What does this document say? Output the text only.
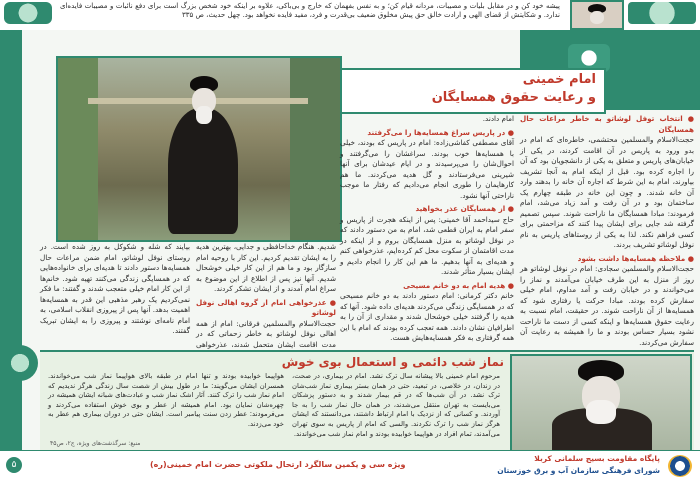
پیشه خود کن و در مقابل بلیات و مصیبات، مردانه قیام کن؛ و به نفس بفهمان که خارج و بی‌باکی، علاوه بر اینکه خود شخص بزرگ است برای دفع نائبات و مصیبات فایده‌ای ندارد. و شکایتش از قضای الهی و ارادت خالق حق پیش مخلوق ضعیف بی‌قدرت و فرد، مفید فایده نخواهد بود. چهل حدیث، ص ۳۳۵
امام خمینی
و رعایت حقوق همسایگان
● انتخاب توفل لوشاتو به خاطر مراعات حال همسایگان

حجت‌الاسلام والمسلمین محتشمی، خاطره‌ای که امام در بدو ورود به پاریس در آن اقامت کردند، در یکی از خیابان‌های پاریس و متعلق به یکی از دانشجویان بود که آن را اجاره کرده بود. قبل از اینکه امام به آنجا تشریف بیاورند، امام به این شرط که اجاره آن خانه را بدهند وارد آن خانه شدند. و چون این خانه در طبقه چهارم یک ساختمان بود و در آن رفت و آمد زیاد می‌شد، امام فرمودند: مبادا همسایگان ما ناراحت شوند. سپس تصمیم گرفته شد جایی برای ایشان پیدا کنند که مزاحمتی برای کسی فراهم نکند. لذا به یکی از روستاهای پاریس به نام نوفل لوشاتو تشریف بردند.

● ملاحظه همسایه‌ها داشت بشود

حجت‌الاسلام والمسلمین سجادی: امام در نوفل لوشاتو هر روز از منزل به این طرف خیابان می‌آمدند و نماز را می‌خواندند و در خیابان رفت و آمد مداوم، امام خیلی سفارش کرده بودند. مبادا حرکت یا رفتاری شود که همسایه‌ها از آن ناراحت شوند. در حقیقت، امام نسبت به رعایت حقوق همسایه‌ها و اینکه کسی از دست ما ناراحت نشود بسیار حساس بودند و ما را همیشه به رعایت آن سفارش می‌کردند.

امام دادند.

● در پاریس سراغ همسایه‌ها را می‌گرفتند

آقای مصطفی کفاشی‌زاده: امام در پاریس که بودند، خیلی با همسایه‌ها خوب بودند. سراغشان را می‌گرفتند و احوال‌شان را می‌پرسیدند و در ایام عیدشان برای آنها شیرینی می‌فرستادند و گل هدیه می‌کردند. ما هم کارهایمان را طوری انجام می‌دادیم که رفتار ما موجب ناراحتی آنها نشود.

● از همسایگان عذر بخواهید

حاج سیداحمد آقا خمینی: پس از اینکه هجرت از پاریس و سفر امام به ایران قطعی شد، امام به من دستور دادند که در نوفل لوشاتو به منزل همسایگان بروم و از اینکه در مدت اقامتمان از سکوت محل کم کرده‌ایم، عذرخواهی کنم و هدیه‌ای به آنها بدهیم. ما هم این کار را انجام دادیم و ایشان بسیار متأثر شدند.

● هدیه امام به دو خانم مسیحی

خانم دکتر کرمانی: امام دستور دادند به دو خانم مسیحی که در همسایگی زندگی می‌کردند هدیه‌ای داده شود. آنها که هدیه را گرفتند خیلی خوشحال شدند و مقداری از آن را به اطرافیان نشان دادند. همه تعجب کرده بودند که امام با این همه گرفتاری به فکر همسایه‌هایش هست.

شدیم. هنگام خداحافظی و جدایی، بهترین هدیه را به ایشان تقدیم کردیم. این کار با روحیه امام سازگار بود و ما هم از این کار خیلی خوشحال شدیم. آنها نیز پس از اطلاع از این موضوع به سراغ امام آمدند و از ایشان تشکر کردند.

● عذرخواهی امام از گروه اهالی نوفل لوشاتو

حجت‌الاسلام والمسلمین فرقانی: امام از همه اهالی نوفل لوشاتو به خاطر زحماتی که در مدت اقامت ایشان متحمل شدند، عذرخواهی

بیایند که شله و شکوکل به روز شده است. در روستای نوفل لوشاتو، امام ضمن مراعات حال همسایه‌ها دستور دادند تا هدیه‌ای برای خانواده‌هایی که در همسایگی زندگی می‌کنند تهیه شود. خانم‌ها از این کار امام خیلی متعجب شدند و گفتند: ما فکر نمی‌کردیم یک رهبر مذهبی این قدر به همسایه‌ها اهمیت بدهد. آنها پس از پیروزی انقلاب اسلامی، به امام نامه‌ای نوشتند و پیروزی را به ایشان تبریک گفتند.

نماز شب دائمی و استعمال بوی خوش
مرحوم امام خمینی بالا پیشانه سال ترک نشد. امام در بیماری، در صحت، در زندان، در خلاصی، در تبعید، حتی در همان بستر بیماری نماز شب‌شان ترک نشد. در آن شب‌ها که در قم بیمار شدند و به دستور پزشکان می‌بایست به تهران منتقل می‌شدند، در همان حال نماز شب را به جا آوردند. و کسانی که از نزدیک با امام ارتباط داشتند، می‌دانستند که ایشان هرگز نماز شب را ترک نکردند. والسی که امام از پاریس به سوی تهران می‌آمدند، تمام افراد در هواپیما خوابیده بودند و امام نماز شب می‌خواندند.
هواپیما خوابیده بودند و تنها امام در طبقه بالای هواپیما نماز شب می‌خواندند. همسران ایشان می‌گویند: ما در طول بیش از شصت سال زندگی هرگز ندیدیم که امام نماز شب را ترک کنند. آثار اشک نماز شب و عبادت‌های شبانه ایشان همیشه در چهره‌شان نمایان بود. امام همیشه از عطر و بوی خوش استفاده می‌کردند و می‌فرمودند: عطر زدن سنت پیامبر است. ایشان حتی در دوران بیماری هم عطر به خود می‌زدند.
منبع: سرگذشت‌های ویژه، ج۲، ص۴۵
۵	ویژه سی و یکمین سالگرد ارتحال ملکوتی حضرت امام خمینی(ره)
پایگاه مقاومت بسیج سلمانی کربلا
شورای فرهنگی سازمان آب و برق خوزستان
